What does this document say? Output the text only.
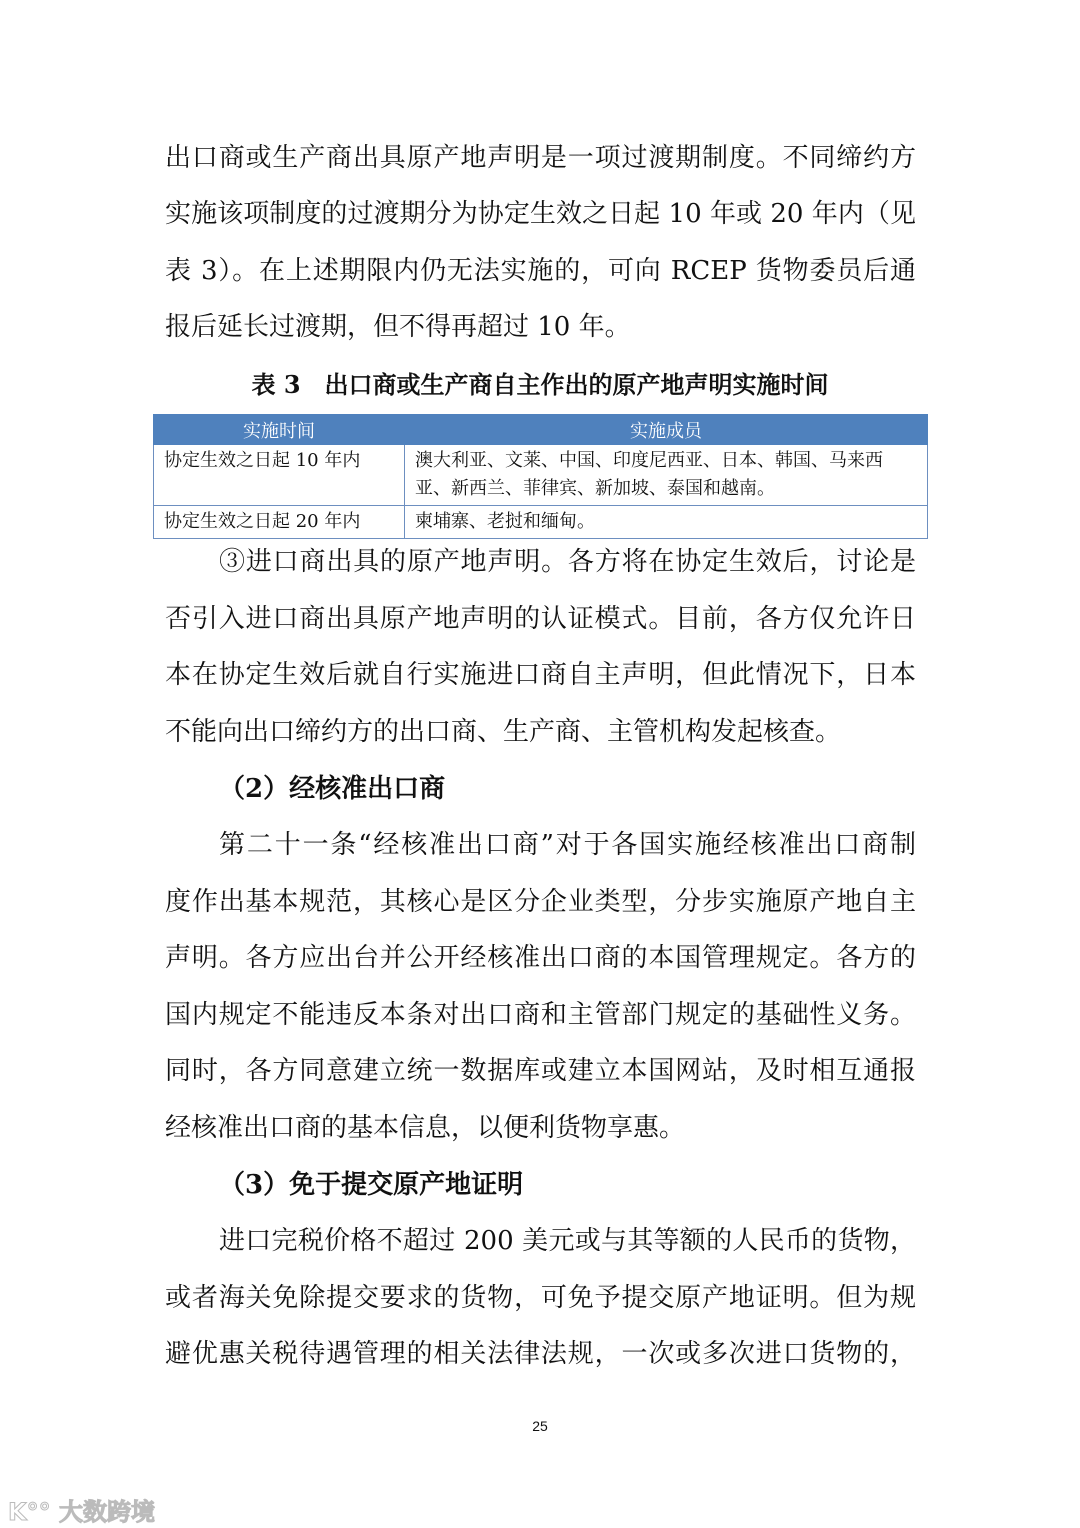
出口商或生产商出具原产地声明是一项过渡期制度。不同缔约方
实施该项制度的过渡期分为协定生效之日起 10 年或 20 年内（见
表 3）。在上述期限内仍无法实施的，可向 RCEP 货物委员后通
报后延长过渡期，但不得再超过 10 年。
表 3　出口商或生产商自主作出的原产地声明实施时间
实施时间	实施成员
协定生效之日起 10 年内	澳大利亚、文莱、中国、印度尼西亚、日本、韩国、马来西亚、新西兰、菲律宾、新加坡、泰国和越南。
协定生效之日起 20 年内	柬埔寨、老挝和缅甸。
③进口商出具的原产地声明。各方将在协定生效后，讨论是
否引入进口商出具原产地声明的认证模式。目前，各方仅允许日
本在协定生效后就自行实施进口商自主声明，但此情况下，日本
不能向出口缔约方的出口商、生产商、主管机构发起核查。
（2）经核准出口商
第二十一条“经核准出口商”对于各国实施经核准出口商制
度作出基本规范，其核心是区分企业类型，分步实施原产地自主
声明。各方应出台并公开经核准出口商的本国管理规定。各方的
国内规定不能违反本条对出口商和主管部门规定的基础性义务。
同时，各方同意建立统一数据库或建立本国网站，及时相互通报
经核准出口商的基本信息，以便利货物享惠。
（3）免于提交原产地证明
进口完税价格不超过 200 美元或与其等额的人民币的货物，
或者海关免除提交要求的货物，可免予提交原产地证明。但为规
避优惠关税待遇管理的相关法律法规，一次或多次进口货物的，
25
K°° 大数跨境
